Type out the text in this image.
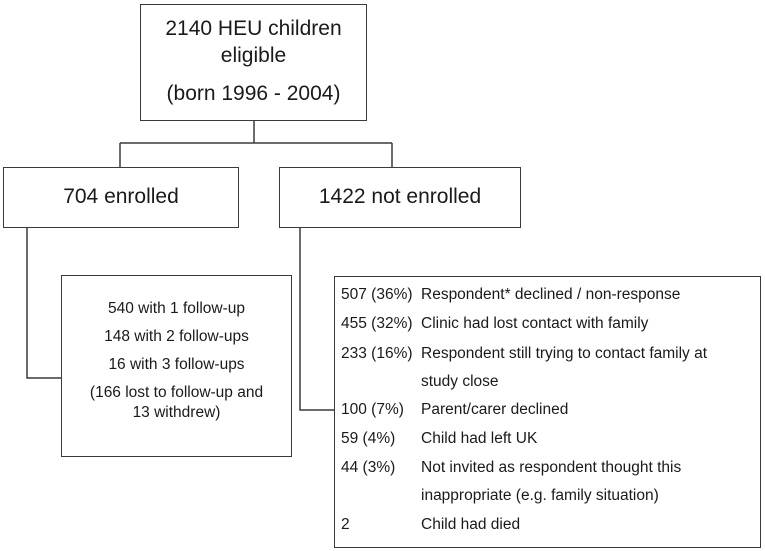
2140 HEU children
eligible
(born 1996 - 2004)
704 enrolled	1422 not enrolled
540 with 1 follow-up
148 with 2 follow-ups
16 with 3 follow-ups
(166 lost to follow-up and
13 withdrew)
507 (36%) Respondent* declined / non-response
455 (32%) Clinic had lost contact with family
233 (16%) Respondent still trying to contact family at
study close
100 (7%) Parent/carer declined
59 (4%) Child had left UK
44 (3%) Not invited as respondent thought this
inappropriate (e.g. family situation)
2	Child had died
